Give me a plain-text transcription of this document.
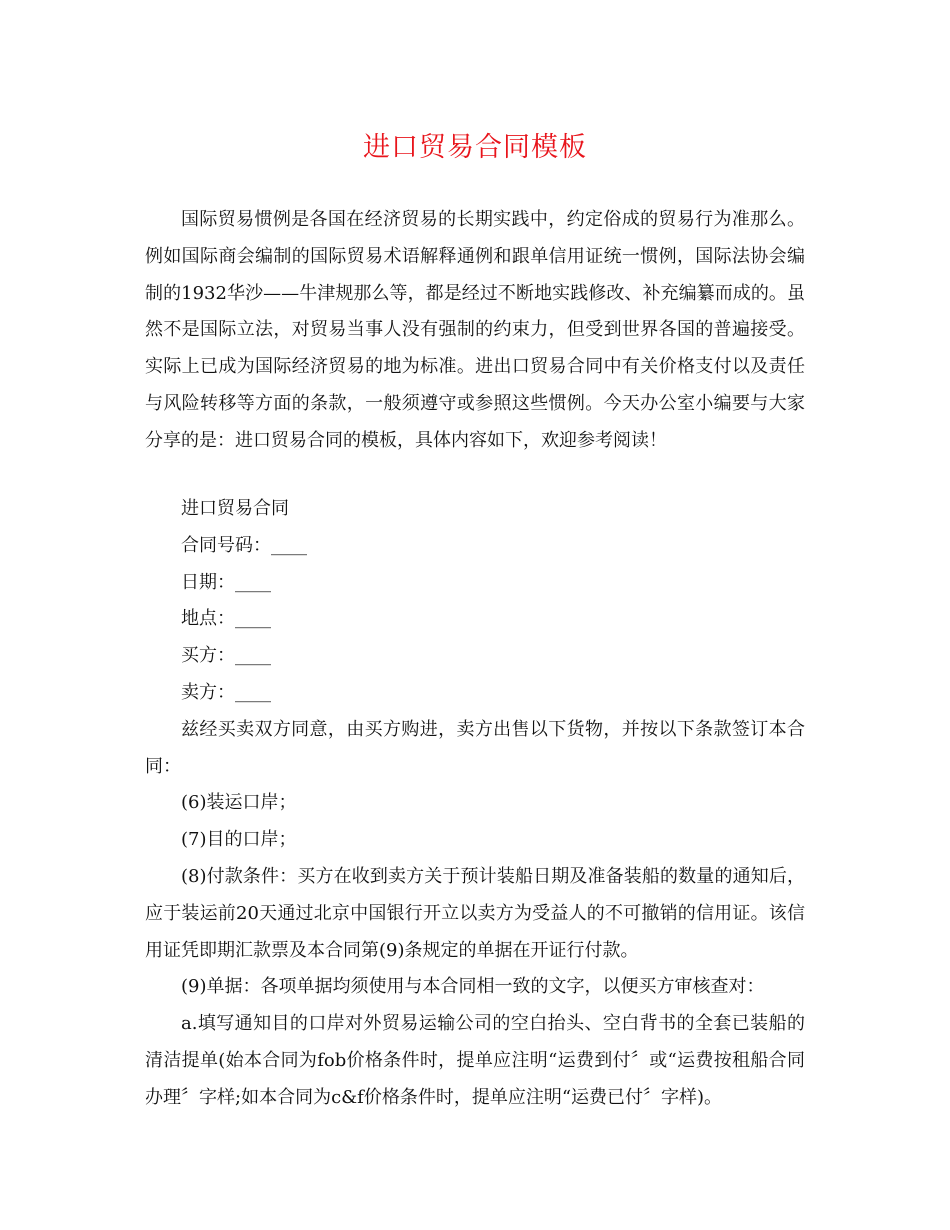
进口贸易合同模板

国际贸易惯例是各国在经济贸易的长期实践中，约定俗成的贸易行为准那么。例如国际商会编制的国际贸易术语解释通例和跟单信用证统一惯例，国际法协会编制的1932华沙——牛津规那么等，都是经过不断地实践修改、补充编纂而成的。虽然不是国际立法，对贸易当事人没有强制的约束力，但受到世界各国的普遍接受。实际上已成为国际经济贸易的地为标准。进出口贸易合同中有关价格支付以及责任与风险转移等方面的条款，一般须遵守或参照这些惯例。今天办公室小编要与大家分享的是：进口贸易合同的模板，具体内容如下，欢迎参考阅读！

进口贸易合同

合同号码：____

日期：____

地点：____

买方：____

卖方：____

兹经买卖双方同意，由买方购进，卖方出售以下货物，并按以下条款签订本合同：

(6)装运口岸；

(7)目的口岸；

(8)付款条件：买方在收到卖方关于预计装船日期及准备装船的数量的通知后，应于装运前20天通过北京中国银行开立以卖方为受益人的不可撤销的信用证。该信用证凭即期汇款票及本合同第(9)条规定的单据在开证行付款。

(9)单据：各项单据均须使用与本合同相一致的文字，以便买方审核查对：

a.填写通知目的口岸对外贸易运输公司的空白抬头、空白背书的全套已装船的清洁提单(始本合同为fob价格条件时，提单应注明“运费到付〞或“运费按租船合同办理〞字样;如本合同为c&f价格条件时，提单应注明“运费已付〞字样)。
